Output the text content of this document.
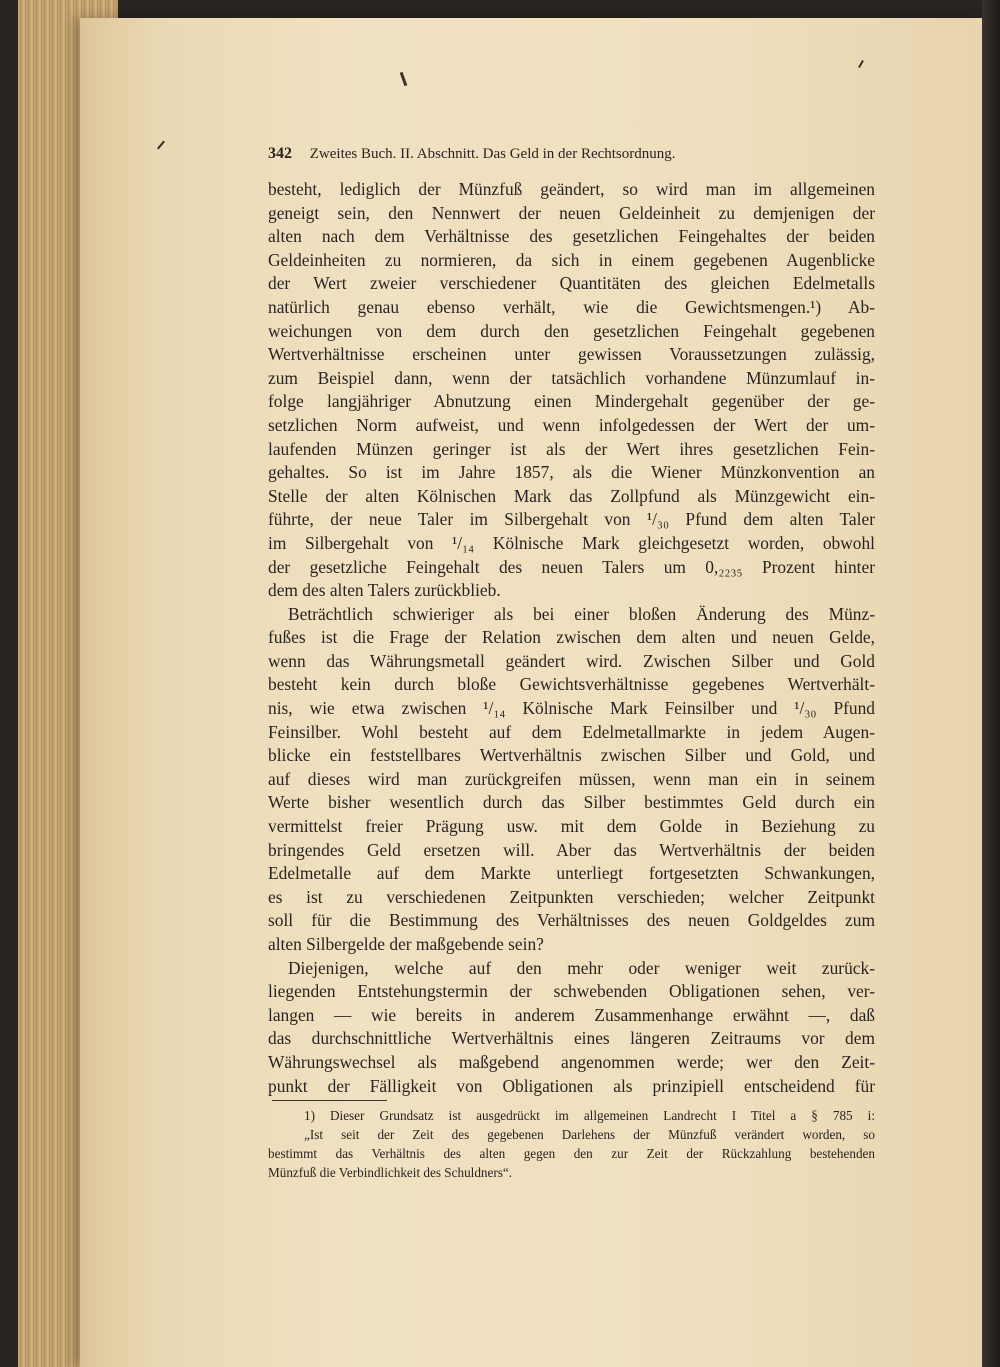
342 Zweites Buch. II. Abschnitt. Das Geld in der Rechtsordnung.
besteht, lediglich der Münzfuß geändert, so wird man im allgemeinen
geneigt sein, den Nennwert der neuen Geldeinheit zu demjenigen der
alten nach dem Verhältnisse des gesetzlichen Feingehaltes der beiden
Geldeinheiten zu normieren, da sich in einem gegebenen Augenblicke
der Wert zweier verschiedener Quantitäten des gleichen Edelmetalls
natürlich genau ebenso verhält, wie die Gewichtsmengen.¹) Ab-
weichungen von dem durch den gesetzlichen Feingehalt gegebenen
Wertverhältnisse erscheinen unter gewissen Voraussetzungen zulässig,
zum Beispiel dann, wenn der tatsächlich vorhandene Münzumlauf in-
folge langjähriger Abnutzung einen Mindergehalt gegenüber der ge-
setzlichen Norm aufweist, und wenn infolgedessen der Wert der um-
laufenden Münzen geringer ist als der Wert ihres gesetzlichen Fein-
gehaltes. So ist im Jahre 1857, als die Wiener Münzkonvention an
Stelle der alten Kölnischen Mark das Zollpfund als Münzgewicht ein-
führte, der neue Taler im Silbergehalt von ¹/₃₀ Pfund dem alten Taler
im Silbergehalt von ¹/₁₄ Kölnische Mark gleichgesetzt worden, obwohl
der gesetzliche Feingehalt des neuen Talers um 0,₂₂₃₅ Prozent hinter
dem des alten Talers zurückblieb.
Beträchtlich schwieriger als bei einer bloßen Änderung des Münz-
fußes ist die Frage der Relation zwischen dem alten und neuen Gelde,
wenn das Währungsmetall geändert wird. Zwischen Silber und Gold
besteht kein durch bloße Gewichtsverhältnisse gegebenes Wertverhält-
nis, wie etwa zwischen ¹/₁₄ Kölnische Mark Feinsilber und ¹/₃₀ Pfund
Feinsilber. Wohl besteht auf dem Edelmetallmarkte in jedem Augen-
blicke ein feststellbares Wertverhältnis zwischen Silber und Gold, und
auf dieses wird man zurückgreifen müssen, wenn man ein in seinem
Werte bisher wesentlich durch das Silber bestimmtes Geld durch ein
vermittelst freier Prägung usw. mit dem Golde in Beziehung zu
bringendes Geld ersetzen will. Aber das Wertverhältnis der beiden
Edelmetalle auf dem Markte unterliegt fortgesetzten Schwankungen,
es ist zu verschiedenen Zeitpunkten verschieden; welcher Zeitpunkt
soll für die Bestimmung des Verhältnisses des neuen Goldgeldes zum
alten Silbergelde der maßgebende sein?
Diejenigen, welche auf den mehr oder weniger weit zurück-
liegenden Entstehungstermin der schwebenden Obligationen sehen, ver-
langen — wie bereits in anderem Zusammenhange erwähnt —, daß
das durchschnittliche Wertverhältnis eines längeren Zeitraums vor dem
Währungswechsel als maßgebend angenommen werde; wer den Zeit-
punkt der Fälligkeit von Obligationen als prinzipiell entscheidend für
1) Dieser Grundsatz ist ausgedrückt im allgemeinen Landrecht I Titel a § 785 i:
„Ist seit der Zeit des gegebenen Darlehens der Münzfuß verändert worden, so
bestimmt das Verhältnis des alten gegen den zur Zeit der Rückzahlung bestehenden
Münzfuß die Verbindlichkeit des Schuldners“.
